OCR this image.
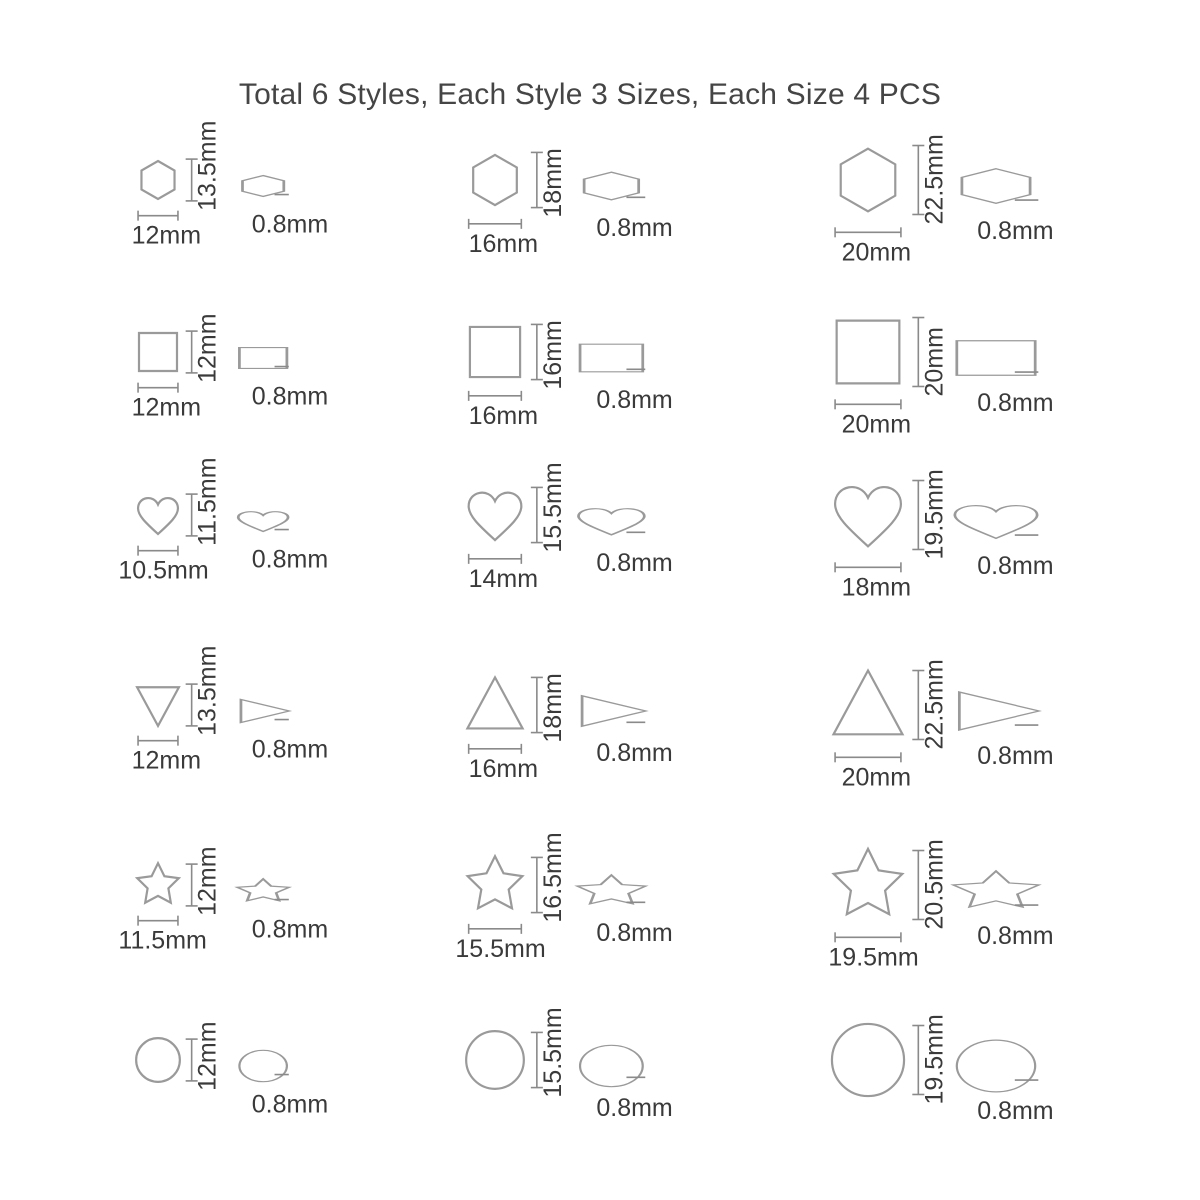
Total 6 Styles, Each Style 3 Sizes, Each Size 4 PCS
13.5mm
12mm 0.8mm
18mm
16mm
0.8mm
22.5mm
20mm
0.8mm
12mm
12mm 0.8mm
16mm
16mm
0.8mm
20mm
20mm
0.8mm
11.5mm
10.5mm 0.8mm
15.5mm
14mm
0.8mm
19.5mm
18mm
0.8mm
13.5mm
12mm 0.8mm
18mm
16mm
0.8mm
22.5mm
20mm
0.8mm
12mm
11.5mm 0.8mm
16.5mm
15.5mm
0.8mm
20.5mm
19.5mm
0.8mm
12mm
0.8mm
15.5mm
0.8mm
19.5mm
0.8mm
